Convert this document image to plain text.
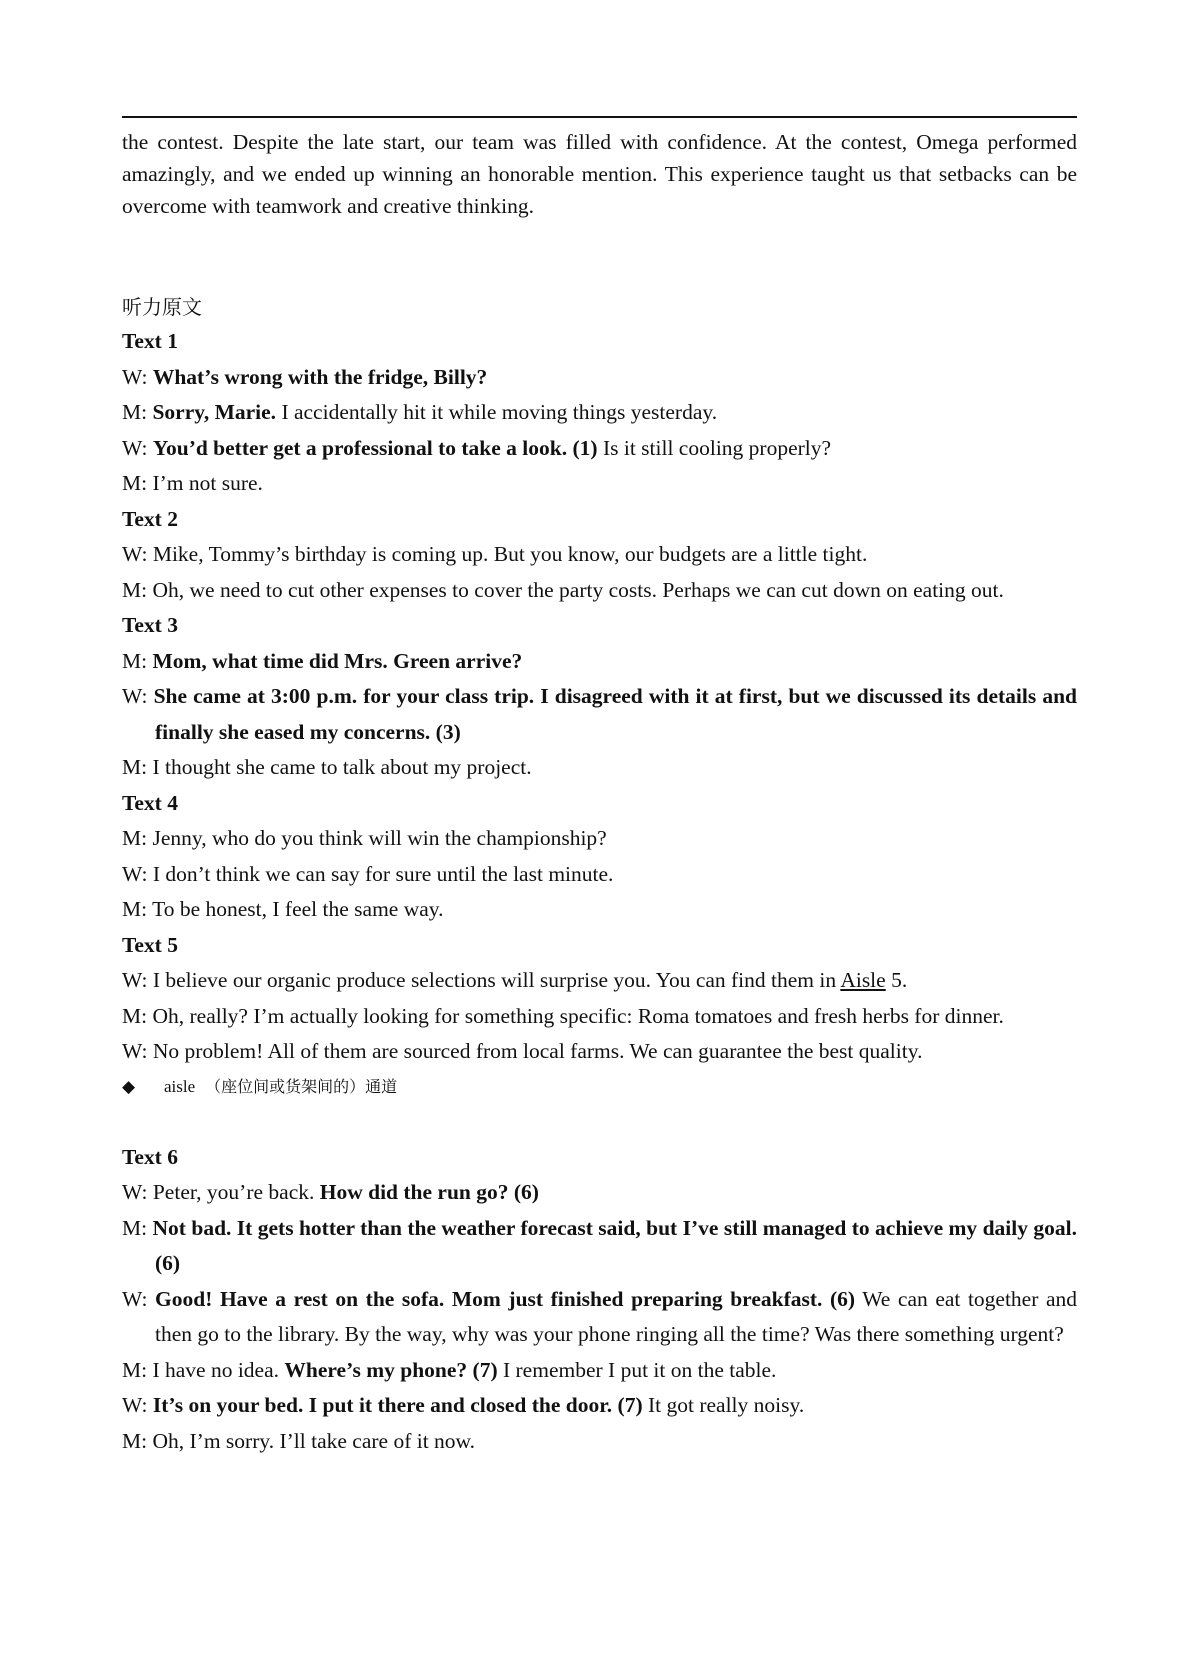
the contest. Despite the late start, our team was filled with confidence. At the contest, Omega performed amazingly, and we ended up winning an honorable mention. This experience taught us that setbacks can be overcome with teamwork and creative thinking.

听力原文
Text 1
W: What’s wrong with the fridge, Billy?
M: Sorry, Marie. I accidentally hit it while moving things yesterday.
W: You’d better get a professional to take a look. (1) Is it still cooling properly?
M: I’m not sure.
Text 2
W: Mike, Tommy’s birthday is coming up. But you know, our budgets are a little tight.
M: Oh, we need to cut other expenses to cover the party costs. Perhaps we can cut down on eating out.
Text 3
M: Mom, what time did Mrs. Green arrive?
W: She came at 3:00 p.m. for your class trip. I disagreed with it at first, but we discussed its details and finally she eased my concerns. (3)
M: I thought she came to talk about my project.
Text 4
M: Jenny, who do you think will win the championship?
W: I don’t think we can say for sure until the last minute.
M: To be honest, I feel the same way.
Text 5
W: I believe our organic produce selections will surprise you. You can find them in Aisle 5.
M: Oh, really? I’m actually looking for something specific: Roma tomatoes and fresh herbs for dinner.
W: No problem! All of them are sourced from local farms. We can guarantee the best quality.
◆ aisle （座位间或货架间的）通道
Text 6
W: Peter, you’re back. How did the run go? (6)
M: Not bad. It gets hotter than the weather forecast said, but I’ve still managed to achieve my daily goal. (6)
W: Good! Have a rest on the sofa. Mom just finished preparing breakfast. (6) We can eat together and then go to the library. By the way, why was your phone ringing all the time? Was there something urgent?
M: I have no idea. Where’s my phone? (7) I remember I put it on the table.
W: It’s on your bed. I put it there and closed the door. (7) It got really noisy.
M: Oh, I’m sorry. I’ll take care of it now.
